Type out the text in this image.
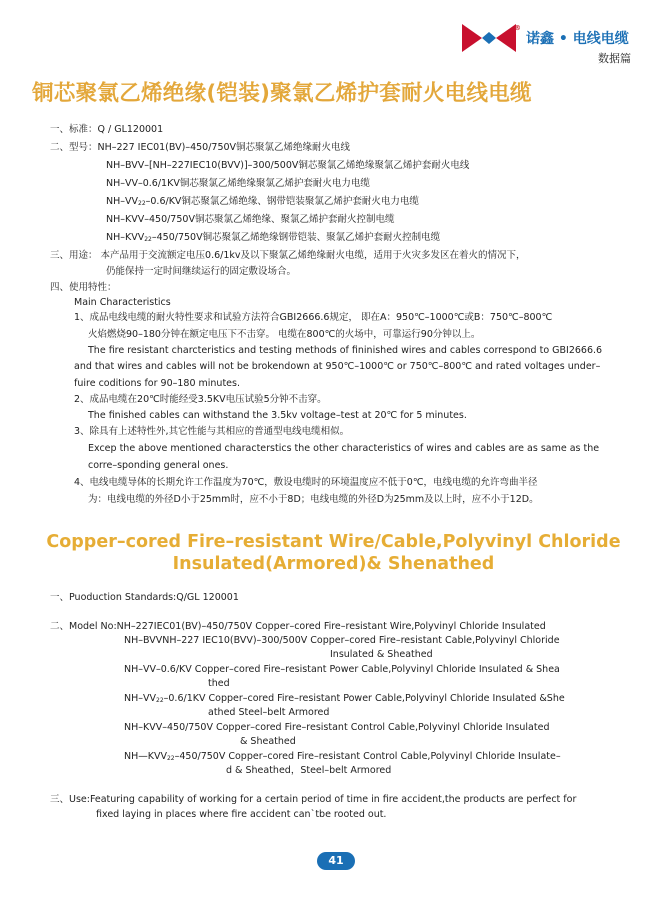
®
诺鑫 • 电线电缆
数据篇
铜芯聚氯乙烯绝缘(铠装)聚氯乙烯护套耐火电线电缆
一、标准：Q / GL120001
二、型号：NH–227 IEC01(BV)–450/750V铜芯聚氯乙烯绝缘耐火电线
NH–BVV–[NH–227IEC10(BVV)]–300/500V铜芯聚氯乙烯绝缘聚氯乙烯护套耐火电线
NH–VV–0.6/1KV铜芯聚氯乙烯绝缘聚氯乙烯护套耐火电力电缆
$NH-VV_{22}-0.6/KV$铜芯聚氯乙烯绝缘、钢带铠装聚氯乙烯护套耐火电力电缆
NH–KVV–450/750V铜芯聚氯乙烯绝缘、聚氯乙烯护套耐火控制电缆
$NH-KVV_{22}-450/750V$铜芯聚氯乙烯绝缘钢带铠装、聚氯乙烯护套耐火控制电缆
三、用途： 本产品用于交流额定电压0.6/1kv及以下聚氯乙烯绝缘耐火电缆，适用于火灾多发区在着火的情况下，
仍能保持一定时间继续运行的固定敷设场合。
四、使用特性：
Main Characteristics
1、成品电线电缆的耐火特性要求和试验方法符合GBI2666.6规定， 即在A：950℃–1000℃或B：750℃–800℃
火焰燃烧90–180分钟在额定电压下不击穿。 电缆在800℃的火场中，可靠运行90分钟以上。
The fire resistant charcteristics and testing methods of fininished wires and cables correspond to GBI2666.6
and that wires and cables will not be brokendown at 950℃–1000℃ or 750℃–800℃ and rated voltages under–
fuire coditions for 90–180 minutes.
2、成品电缆在20℃时能经受3.5KV电压试验5分钟不击穿。
The finished cables can withstand the 3.5kv voltage–test at 20℃ for 5 minutes.
3、除具有上述特性外,其它性能与其相应的普通型电线电缆相似。
Excep the above mentioned characterstics the other characteristics of wires and cables are as same as the
corre–sponding general ones.
4、电线电缆导体的长期允许工作温度为70℃，敷设电缆时的环境温度应不低于0℃，电线电缆的允许弯曲半径
为：电线电缆的外径D小于25mm时，应不小于8D；电线电缆的外径D为25mm及以上时，应不小于12D。
Copper–cored Fire–resistant Wire/Cable,Polyvinyl Chloride
Insulated(Armored)& Shenathed
一、Puoduction Standards:Q/GL 120001
二、Model No:NH–227IEC01(BV)–450/750V Copper–cored Fire–resistant Wire,Polyvinyl Chloride Insulated
NH–BVVNH–227 IEC10(BVV)–300/500V Copper–cored Fire–resistant Cable,Polyvinyl Chloride
Insulated & Sheathed
NH–VV–0.6/KV Copper–cored Fire–resistant Power Cable,Polyvinyl Chloride Insulated & Shea
thed
$NH-VV_{22}-0.6/1KV$ Copper–cored Fire–resistant Power Cable,Polyvinyl Chloride Insulated &She
athed Steel–belt Armored
NH–KVV–450/750V Copper–cored Fire–resistant Control Cable,Polyvinyl Chloride Insulated
& Sheathed
$NH—KVV_{22}-450/750V$ Copper–cored Fire–resistant Control Cable,Polyvinyl Chloride Insulate–
d & Sheathed，Steel–belt Armored
三、Use:Featuring capability of working for a certain period of time in fire accident,the products are perfect for
fixed laying in places where fire accident can`tbe rooted out.
41
